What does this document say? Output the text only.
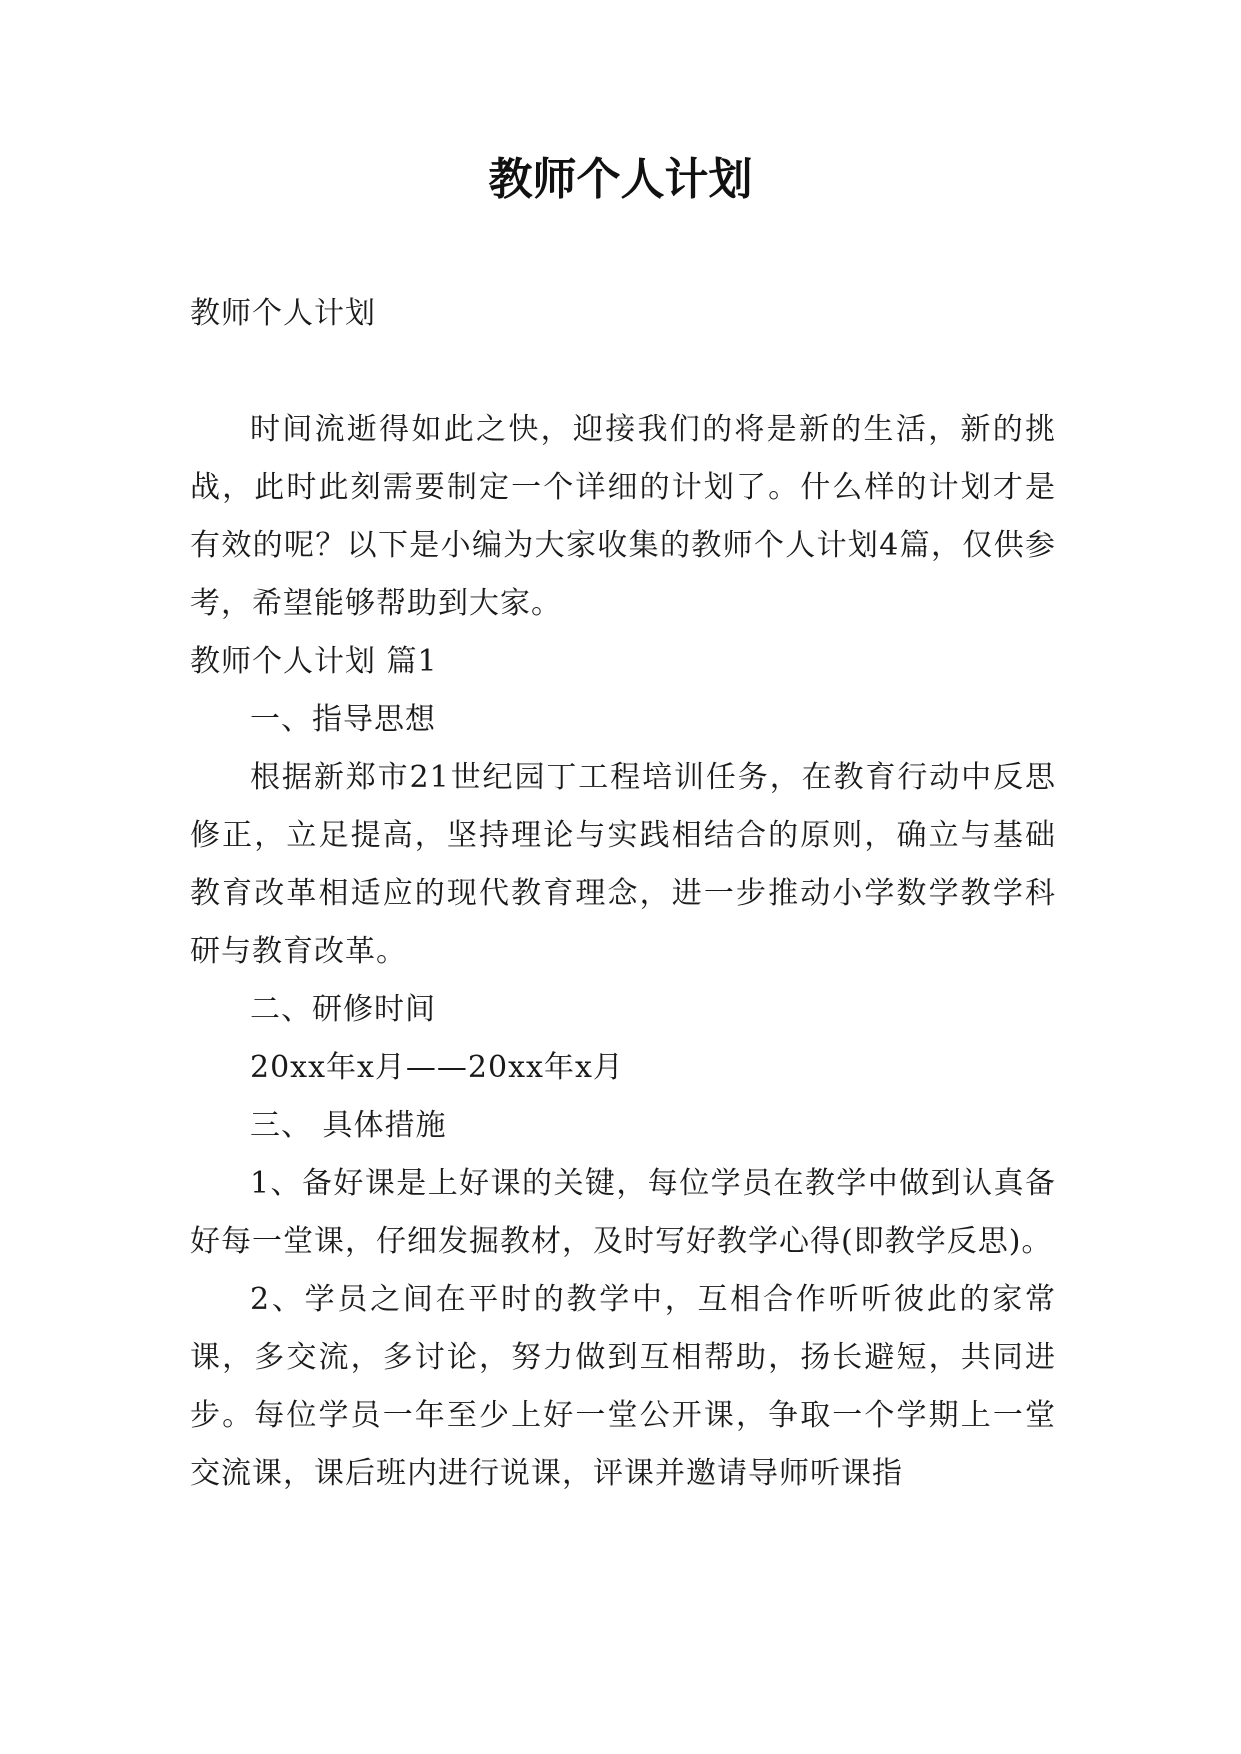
教师个人计划

教师个人计划

时间流逝得如此之快，迎接我们的将是新的生活，新的挑战，此时此刻需要制定一个详细的计划了。什么样的计划才是有效的呢？以下是小编为大家收集的教师个人计划4篇，仅供参考，希望能够帮助到大家。

教师个人计划 篇1

一、指导思想

根据新郑市21世纪园丁工程培训任务，在教育行动中反思修正，立足提高，坚持理论与实践相结合的原则，确立与基础教育改革相适应的现代教育理念，进一步推动小学数学教学科研与教育改革。

二、研修时间

20xx年x月——20xx年x月

三、 具体措施

1、备好课是上好课的关键，每位学员在教学中做到认真备好每一堂课，仔细发掘教材，及时写好教学心得(即教学反思)。

2、学员之间在平时的教学中，互相合作听听彼此的家常课，多交流，多讨论，努力做到互相帮助，扬长避短，共同进步。每位学员一年至少上好一堂公开课，争取一个学期上一堂交流课，课后班内进行说课，评课并邀请导师听课指
